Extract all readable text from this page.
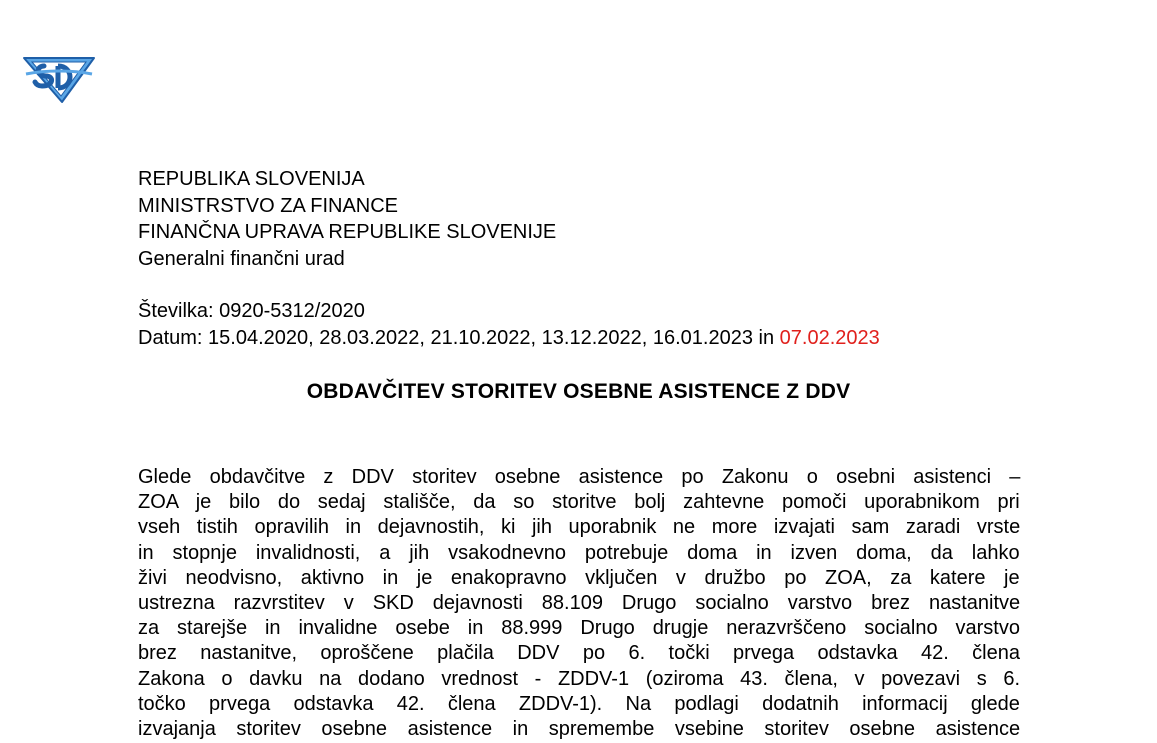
REPUBLIKA SLOVENIJA
MINISTRSTVO ZA FINANCE
FINANČNA UPRAVA REPUBLIKE SLOVENIJE
Generalni finančni urad
Številka: 0920-5312/2020
Datum: 15.04.2020, 28.03.2022, 21.10.2022, 13.12.2022, 16.01.2023 in 07.02.2023
OBDAVČITEV STORITEV OSEBNE ASISTENCE Z DDV
Glede obdavčitve z DDV storitev osebne asistence po Zakonu o osebni asistenci –
ZOA je bilo do sedaj stališče, da so storitve bolj zahtevne pomoči uporabnikom pri
vseh tistih opravilih in dejavnostih, ki jih uporabnik ne more izvajati sam zaradi vrste
in stopnje invalidnosti, a jih vsakodnevno potrebuje doma in izven doma, da lahko
živi neodvisno, aktivno in je enakopravno vključen v družbo po ZOA, za katere je
ustrezna razvrstitev v SKD dejavnosti 88.109 Drugo socialno varstvo brez nastanitve
za starejše in invalidne osebe in 88.999 Drugo drugje nerazvrščeno socialno varstvo
brez nastanitve, oproščene plačila DDV po 6. točki prvega odstavka 42. člena
Zakona o davku na dodano vrednost - ZDDV-1 (oziroma 43. člena, v povezavi s 6.
točko prvega odstavka 42. člena ZDDV-1). Na podlagi dodatnih informacij glede
izvajanja storitev osebne asistence in spremembe vsebine storitev osebne asistence
